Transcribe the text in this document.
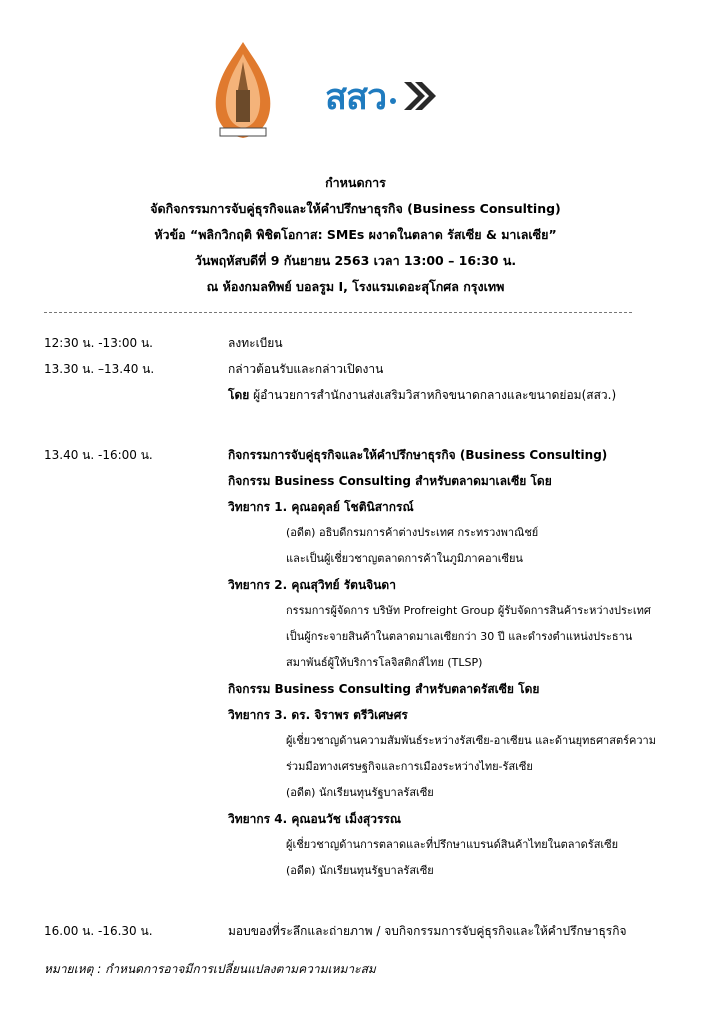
สสว
กำหนดการ
จัดกิจกรรมการจับคู่ธุรกิจและให้คำปรึกษาธุรกิจ (Business Consulting)
หัวข้อ “พลิกวิกฤติ พิชิตโอกาส: SMEs ผงาดในตลาด รัสเซีย & มาเลเซีย”
วันพฤหัสบดีที่ 9 กันยายน 2563 เวลา 13:00 – 16:30 น.
ณ ห้องกมลทิพย์ บอลรูม I, โรงแรมเดอะสุโกศล กรุงเทพ
12:30 น. -13:00 น.	ลงทะเบียน
13.30 น. –13.40 น.	กล่าวต้อนรับและกล่าวเปิดงาน
โดย ผู้อำนวยการสำนักงานส่งเสริมวิสาหกิจขนาดกลางและขนาดย่อม(สสว.)
13.40 น. -16:00 น.	กิจกรรมการจับคู่ธุรกิจและให้คำปรึกษาธุรกิจ (Business Consulting)
กิจกรรม Business Consulting สำหรับตลาดมาเลเซีย โดย
วิทยากร 1. คุณอดุลย์ โชตินิสากรณ์
(อดีต) อธิบดีกรมการค้าต่างประเทศ กระทรวงพาณิชย์
และเป็นผู้เชี่ยวชาญตลาดการค้าในภูมิภาคอาเซียน
วิทยากร 2. คุณสุวิทย์ รัตนจินดา
กรรมการผู้จัดการ บริษัท Profreight Group ผู้รับจัดการสินค้าระหว่างประเทศ
เป็นผู้กระจายสินค้าในตลาดมาเลเซียกว่า 30 ปี และดำรงตำแหน่งประธาน
สมาพันธ์ผู้ให้บริการโลจิสติกส์ไทย (TLSP)
กิจกรรม Business Consulting สำหรับตลาดรัสเซีย โดย
วิทยากร 3. ดร. จิราพร ตรีวิเศษศร
ผู้เชี่ยวชาญด้านความสัมพันธ์ระหว่างรัสเซีย-อาเซียน และด้านยุทธศาสตร์ความ
ร่วมมือทางเศรษฐกิจและการเมืองระหว่างไทย-รัสเซีย
(อดีต) นักเรียนทุนรัฐบาลรัสเซีย
วิทยากร 4. คุณอนวัช เม็งสุวรรณ
ผู้เชี่ยวชาญด้านการตลาดและที่ปรึกษาแบรนด์สินค้าไทยในตลาดรัสเซีย
(อดีต) นักเรียนทุนรัฐบาลรัสเซีย
16.00 น. -16.30 น.	มอบของที่ระลึกและถ่ายภาพ / จบกิจกรรมการจับคู่ธุรกิจและให้คำปรึกษาธุรกิจ
หมายเหตุ : กำหนดการอาจมีการเปลี่ยนแปลงตามความเหมาะสม
